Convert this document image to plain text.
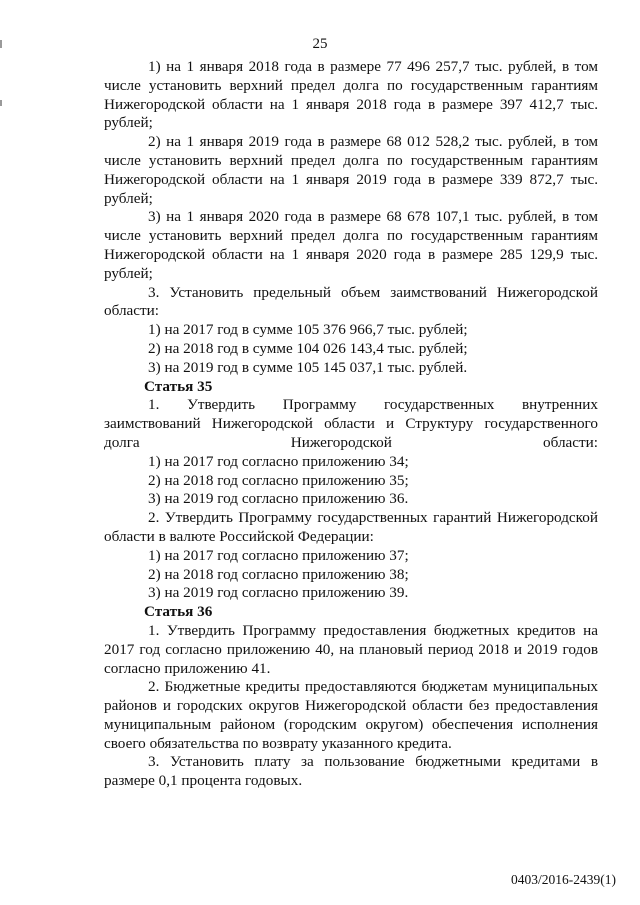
25

1) на 1 января 2018 года в размере 77 496 257,7 тыс. рублей, в том числе установить верхний предел долга по государственным гарантиям Нижегородской области на 1 января 2018 года в размере 397 412,7 тыс. рублей;

2) на 1 января 2019 года в размере 68 012 528,2 тыс. рублей, в том числе установить верхний предел долга по государственным гарантиям Нижегородской области на 1 января 2019 года в размере 339 872,7 тыс. рублей;

3) на 1 января 2020 года в размере 68 678 107,1 тыс. рублей, в том числе установить верхний предел долга по государственным гарантиям Нижегородской области на 1 января 2020 года в размере 285 129,9 тыс. рублей;

3. Установить предельный объем заимствований Нижегородской области:

1) на 2017 год в сумме 105 376 966,7 тыс. рублей;

2) на 2018 год в сумме 104 026 143,4 тыс. рублей;

3) на 2019 год в сумме 105 145 037,1 тыс. рублей.

Статья 35

1. Утвердить Программу государственных внутренних заимствований Нижегородской области и Структуру государственного долга Нижегородской области:

1) на 2017 год согласно приложению 34;

2) на 2018 год согласно приложению 35;

3) на 2019 год согласно приложению 36.

2. Утвердить Программу государственных гарантий Нижегородской области в валюте Российской Федерации:

1) на 2017 год согласно приложению 37;

2) на 2018 год согласно приложению 38;

3) на 2019 год согласно приложению 39.

Статья 36

1. Утвердить Программу предоставления бюджетных кредитов на 2017 год согласно приложению 40, на плановый период 2018 и 2019 годов согласно приложению 41.

2. Бюджетные кредиты предоставляются бюджетам муниципальных районов и городских округов Нижегородской области без предоставления муниципальным районом (городским округом) обеспечения исполнения своего обязательства по возврату указанного кредита.

3. Установить плату за пользование бюджетными кредитами в размере 0,1 процента годовых.

0403/2016-2439(1)
